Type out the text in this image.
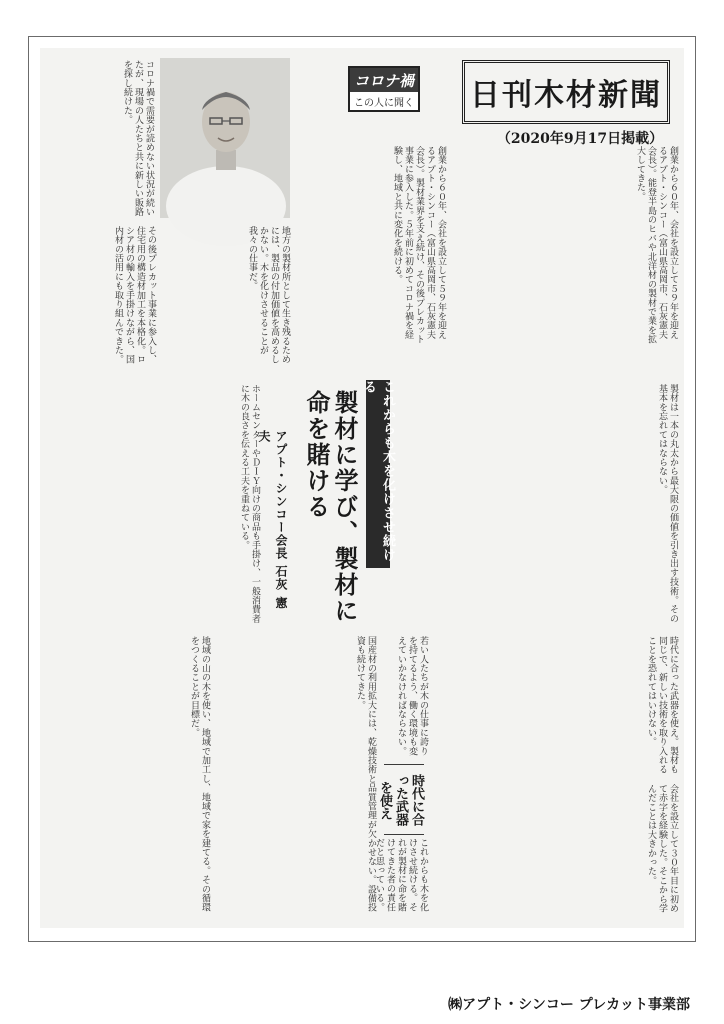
日刊木材新聞
（2020年9月17日掲載）
コロナ禍
この人に聞く
創業から６０年、会社を設立して５９年を迎えるアプト・シンコー（富山県高岡市、石灰憲夫会長）。製材業界を支え続け、その後プレカット事業に参入した。５年前に初めてコロナ禍を経験し、地域と共に変化を続ける。	創業から６０年、会社を設立して５９年を迎えるアプト・シンコー（富山県高岡市、石灰憲夫会長）。能登半島のヒバや北洋材の製材で業を拡大してきた。
その後プレカット事業に参入し、住宅用の構造材加工を本格化。ロシア材の輸入を手掛けながら、国内材の活用にも取り組んできた。	地方の製材所として生き残るためには、製品の付加価値を高めるしかない。木を化けさせることが我々の仕事だ。
コロナ禍で需要が読めない状況が続いたが、現場の人たちと共に新しい販路を探し続けた。
ホームセンターやＤＩＹ向けの商品も手掛け、一般消費者に木の良さを伝える工夫を重ねている。	製材は一本の丸太から最大限の価値を引き出す技術。その基本を忘れてはならない。
これからも木を化けさせ続ける
製材に学び、製材に命を賭ける
アプト・シンコー会長 石灰 憲夫
地域の山の木を使い、地域で加工し、地域で家を建てる。その循環をつくることが目標だ。	国産材の利用拡大には、乾燥技術と品質管理が欠かせない。設備投資も続けてきた。	若い人たちが木の仕事に誇りを持てるよう、働く環境も変えていかなければならない。	時代に合った武器を使え。製材も同じで、新しい技術を取り入れることを恐れてはいけない。
会社を設立して３０年目に初めて赤字を経験した。そこから学んだことは大きかった。
これからも木を化けさせ続ける。それが製材に命を賭けてきた者の責任だと思っている。
時代に合った武器を使え
㈱アプト・シンコー プレカット事業部
